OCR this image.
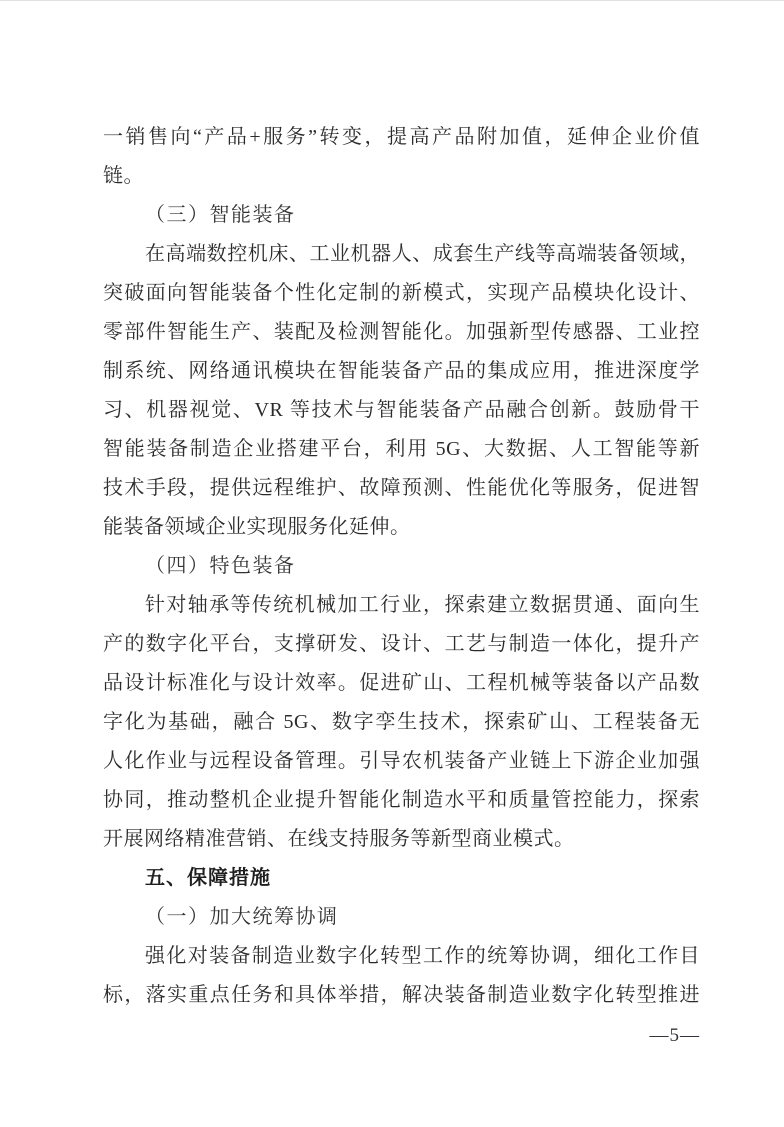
一销售向“产品+服务”转变，提高产品附加值，延伸企业价值
链。
（三）智能装备
在高端数控机床、工业机器人、成套生产线等高端装备领域，
突破面向智能装备个性化定制的新模式，实现产品模块化设计、
零部件智能生产、装配及检测智能化。加强新型传感器、工业控
制系统、网络通讯模块在智能装备产品的集成应用，推进深度学
习、机器视觉、VR 等技术与智能装备产品融合创新。鼓励骨干
智能装备制造企业搭建平台，利用 5G、大数据、人工智能等新
技术手段，提供远程维护、故障预测、性能优化等服务，促进智
能装备领域企业实现服务化延伸。
（四）特色装备
针对轴承等传统机械加工行业，探索建立数据贯通、面向生
产的数字化平台，支撑研发、设计、工艺与制造一体化，提升产
品设计标准化与设计效率。促进矿山、工程机械等装备以产品数
字化为基础，融合 5G、数字孪生技术，探索矿山、工程装备无
人化作业与远程设备管理。引导农机装备产业链上下游企业加强
协同，推动整机企业提升智能化制造水平和质量管控能力，探索
开展网络精准营销、在线支持服务等新型商业模式。
五、保障措施
（一）加大统筹协调
强化对装备制造业数字化转型工作的统筹协调，细化工作目
标，落实重点任务和具体举措，解决装备制造业数字化转型推进
—5—
